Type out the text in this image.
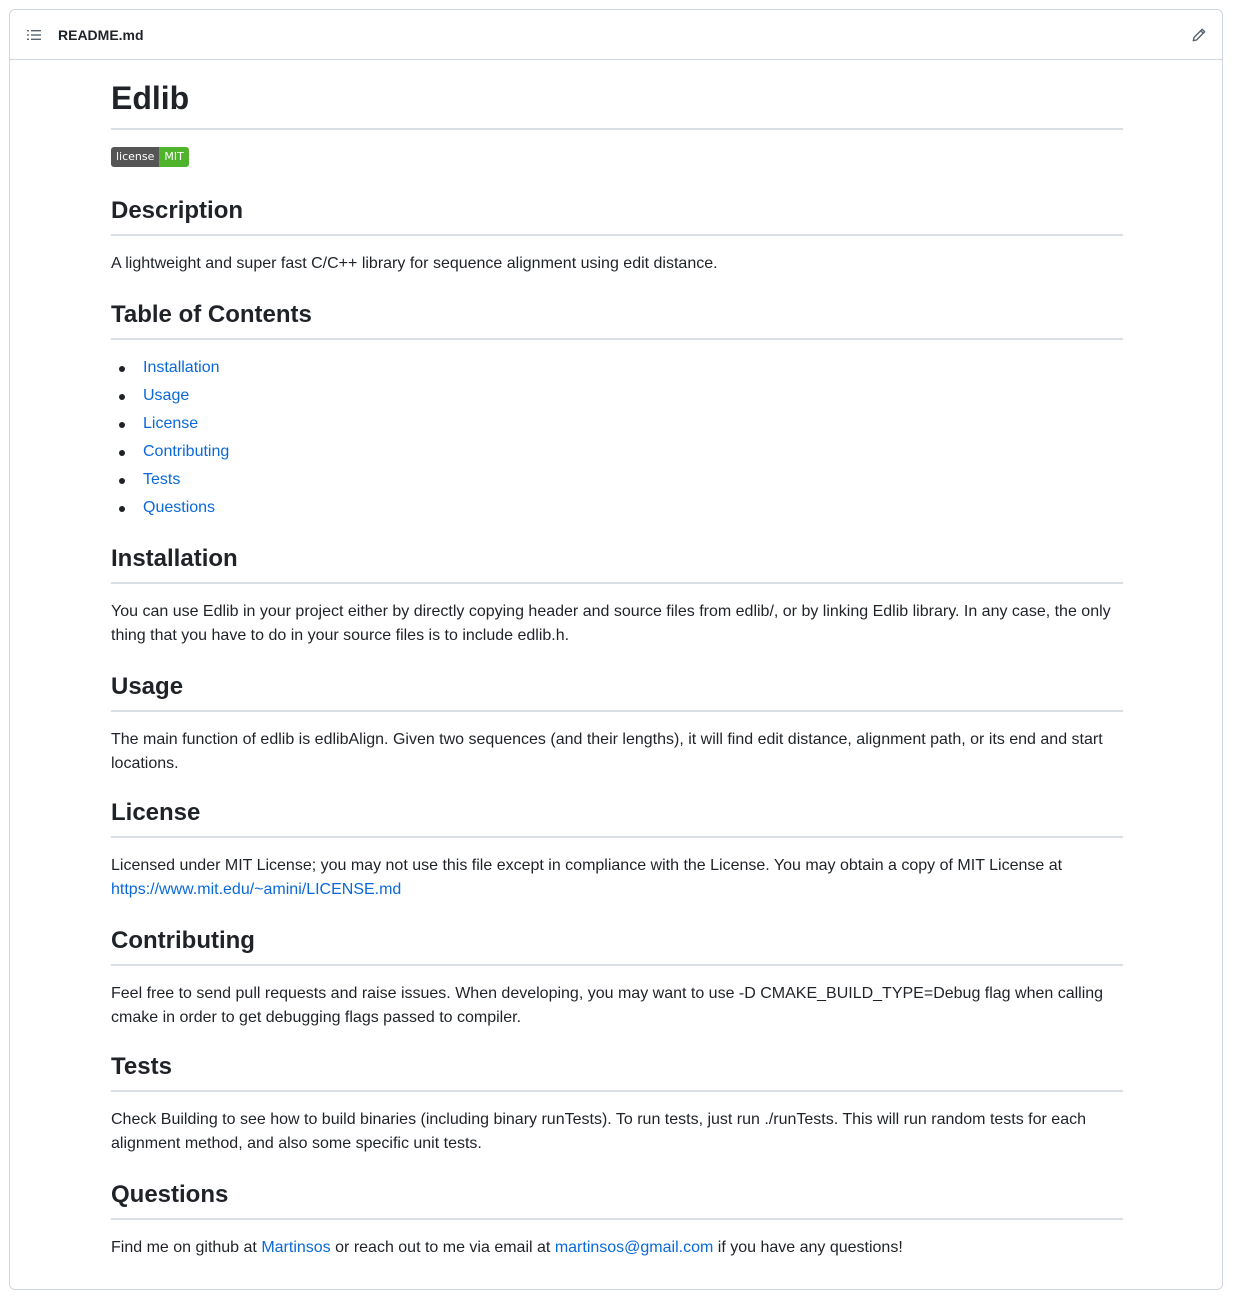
README.md
Edlib
license MIT
Description

A lightweight and super fast C/C++ library for sequence alignment using edit distance.

Table of Contents
Installation
Usage
License
Contributing
Tests
Questions
Installation

You can use Edlib in your project either by directly copying header and source files from edlib/, or by linking Edlib library. In any case, the only thing that you have to do in your source files is to include edlib.h.

Usage

The main function of edlib is edlibAlign. Given two sequences (and their lengths), it will find edit distance, alignment path, or its end and start locations.

License

Licensed under MIT License; you may not use this file except in compliance with the License. You may obtain a copy of MIT License at
https://www.mit.edu/~amini/LICENSE.md

Contributing

Feel free to send pull requests and raise issues. When developing, you may want to use -D CMAKE_BUILD_TYPE=Debug flag when calling cmake in order to get debugging flags passed to compiler.

Tests

Check Building to see how to build binaries (including binary runTests). To run tests, just run ./runTests. This will run random tests for each alignment method, and also some specific unit tests.

Questions

Find me on github at Martinsos or reach out to me via email at martinsos@gmail.com if you have any questions!
